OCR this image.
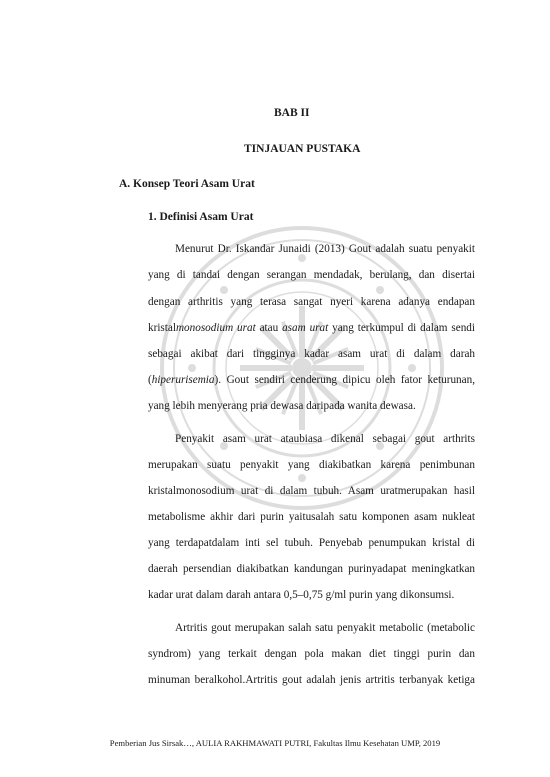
BAB II
TINJAUAN PUSTAKA
A. Konsep Teori Asam Urat
1. Definisi Asam Urat
Menurut Dr. Iskandar Junaidi (2013) Gout adalah suatu penyakit
yang di tandai dengan serangan mendadak, berulang, dan disertai
dengan arthritis yang terasa sangat nyeri karena adanya endapan
kristalmonosodium urat atau asam urat yang terkumpul di dalam sendi
sebagai akibat dari tingginya kadar asam urat di dalam darah
(hiperurisemia). Gout sendiri cenderung dipicu oleh fator keturunan,
yang lebih menyerang pria dewasa daripada wanita dewasa.
Penyakit asam urat ataubiasa dikenal sebagai gout arthrits
merupakan suatu penyakit yang diakibatkan karena penimbunan
kristalmonosodium urat di dalam tubuh. Asam uratmerupakan hasil
metabolisme akhir dari purin yaitusalah satu komponen asam nukleat
yang terdapatdalam inti sel tubuh. Penyebab penumpukan kristal di
daerah persendian diakibatkan kandungan purinyadapat meningkatkan
kadar urat dalam darah antara 0,5–0,75 g/ml purin yang dikonsumsi.
Artritis gout merupakan salah satu penyakit metabolic (metabolic
syndrom) yang terkait dengan pola makan diet tinggi purin dan
minuman beralkohol.Artritis gout adalah jenis artritis terbanyak ketiga
Pemberian Jus Sirsak…, AULIA RAKHMAWATI PUTRI, Fakultas Ilmu Kesehatan UMP, 2019
